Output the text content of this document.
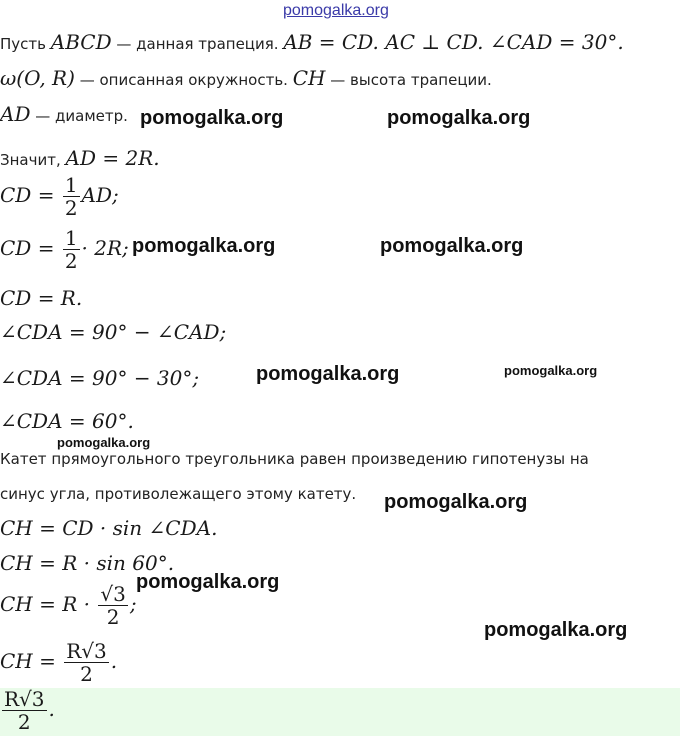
pomogalka.org
Пусть ABCD — данная трапеция. AB = CD. AC ⊥ CD. ∠CAD = 30°.
ω(O, R) — описанная окружность. CH — высота трапеции.
AD — диаметр.
Значит, AD = 2R.
CD = $\frac{1}{2}$ AD;
CD = $\frac{1}{2} \cdot 2R$;
CD = R.
∠CDA = 90° − ∠CAD;
∠CDA = 90° − 30°;
∠CDA = 60°.
Катет прямоугольного треугольника равен произведению гипотенузы на
синус угла, противолежащего этому катету.
CH = CD · sin ∠CDA.
CH = R · sin 60°.
CH = $R \cdot \frac{√3}{2}$ ;
CH = $\frac{R√3}{2}$ .
$\frac{R√3}{2}$ .
pomogalka.org	pomogalka.org
pomogalka.org	pomogalka.org
pomogalka.org	pomogalka.org
pomogalka.org
pomogalka.org
pomogalka.org
pomogalka.org
